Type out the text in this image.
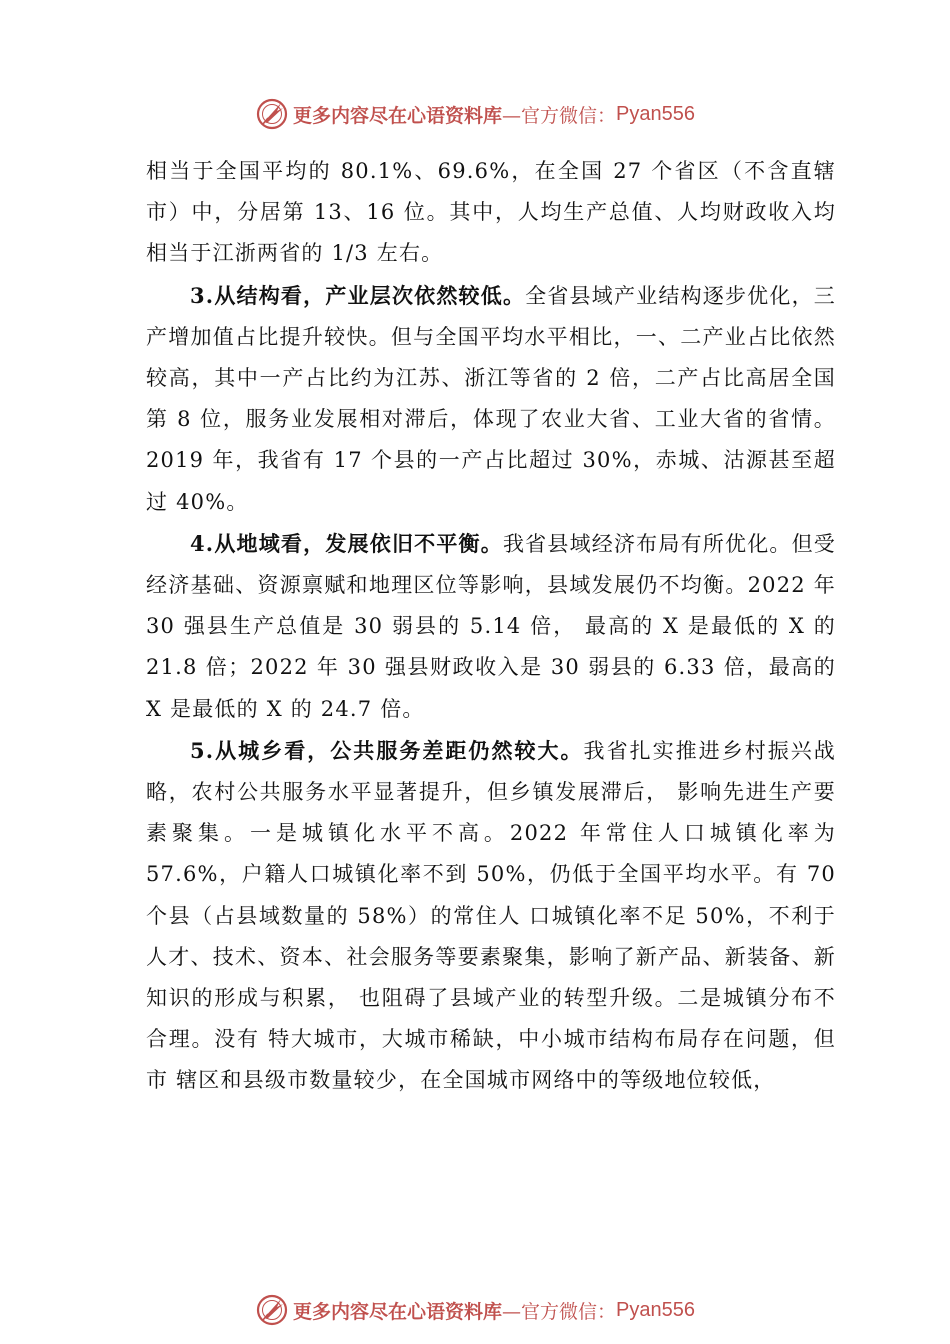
更多内容尽在心语资料库 —官方微信： Pyan556

相当于全国平均的 80.1%、69.6%，在全国 27 个省区（不含直辖市）中，分居第 13、16 位。其中，人均生产总值、人均财政收入均相当于江浙两省的 1/3 左右。

3.从结构看，产业层次依然较低。全省县域产业结构逐步优化，三产增加值占比提升较快。但与全国平均水平相比，一、二产业占比依然较高，其中一产占比约为江苏、浙江等省的 2 倍，二产占比高居全国第 8 位，服务业发展相对滞后，体现了农业大省、工业大省的省情。2019 年，我省有 17 个县的一产占比超过 30%，赤城、沽源甚至超过 40%。

4.从地域看，发展依旧不平衡。我省县域经济布局有所优化。但受经济基础、资源禀赋和地理区位等影响，县域发展仍不均衡。2022 年 30 强县生产总值是 30 弱县的 5.14 倍， 最高的 X 是最低的 X 的 21.8 倍；2022 年 30 强县财政收入是 30 弱县的 6.33 倍，最高的 X 是最低的 X 的 24.7 倍。

5.从城乡看，公共服务差距仍然较大。我省扎实推进乡村振兴战略，农村公共服务水平显著提升，但乡镇发展滞后， 影响先进生产要素聚集。一是城镇化水平不高。2022 年常住人口城镇化率为 57.6%，户籍人口城镇化率不到 50%，仍低于全国平均水平。有 70 个县（占县域数量的 58%）的常住人 口城镇化率不足 50%，不利于人才、技术、资本、社会服务等要素聚集，影响了新产品、新装备、新知识的形成与积累， 也阻碍了县域产业的转型升级。二是城镇分布不合理。没有 特大城市，大城市稀缺，中小城市结构布局存在问题，但市 辖区和县级市数量较少，在全国城市网络中的等级地位较低，

更多内容尽在心语资料库 —官方微信： Pyan556
